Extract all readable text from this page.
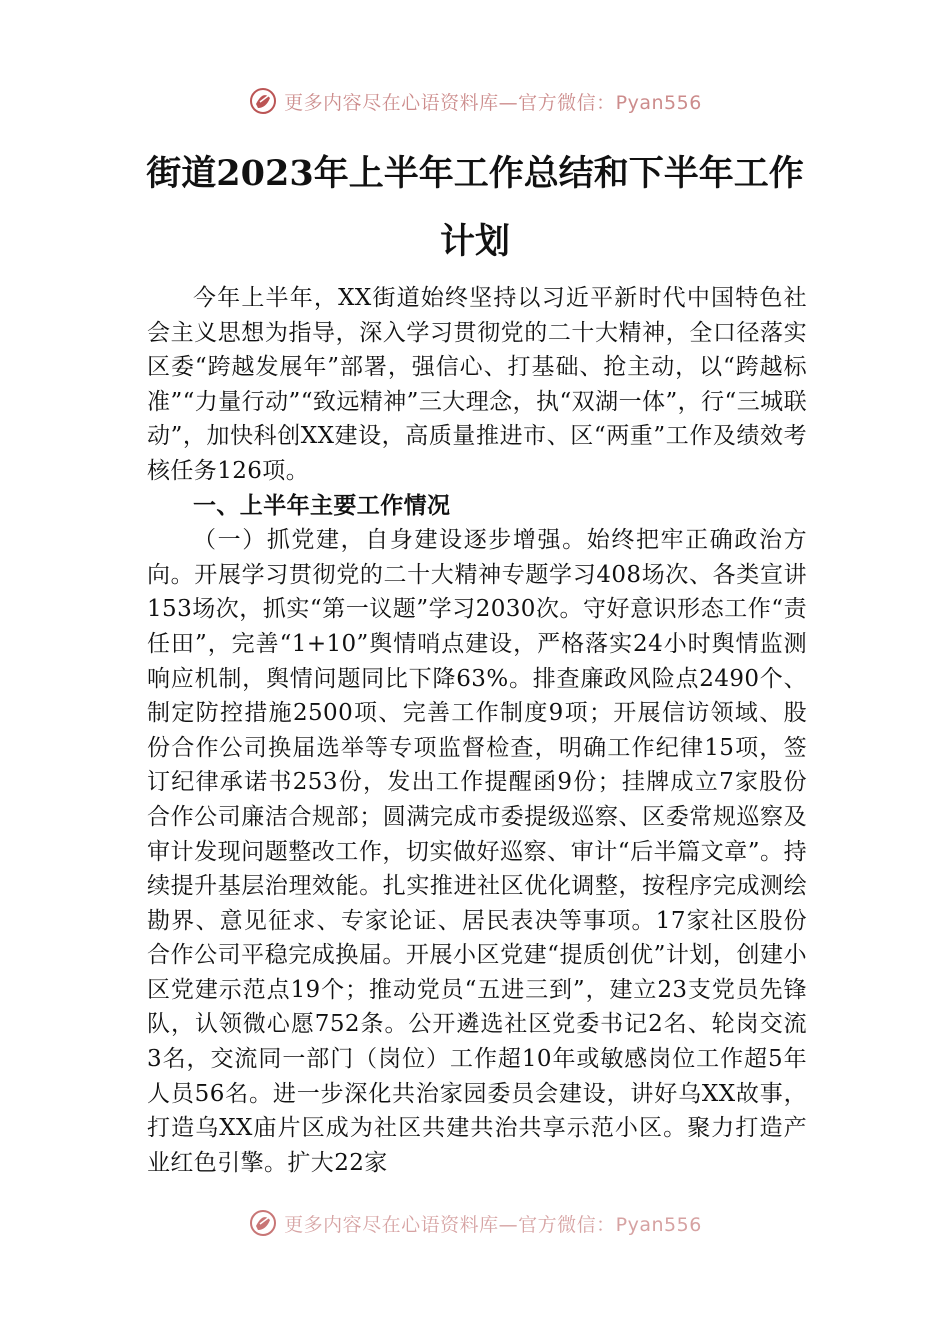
更多内容尽在心语资料库—官方微信：Pyan556
街道2023年上半年工作总结和下半年工作
计划

今年上半年，XX街道始终坚持以习近平新时代中国特色社会主义思想为指导，深入学习贯彻党的二十大精神，全口径落实区委“跨越发展年”部署，强信心、打基础、抢主动，以“跨越标准”“力量行动”“致远精神”三大理念，执“双湖一体”，行“三城联动”，加快科创XX建设，高质量推进市、区“两重”工作及绩效考核任务126项。

一、上半年主要工作情况

（一）抓党建，自身建设逐步增强。始终把牢正确政治方向。开展学习贯彻党的二十大精神专题学习408场次、各类宣讲153场次，抓实“第一议题”学习2030次。守好意识形态工作“责任田”，完善“1+10”舆情哨点建设，严格落实24小时舆情监测响应机制，舆情问题同比下降63%。排查廉政风险点2490个、制定防控措施2500项、完善工作制度9项；开展信访领域、股份合作公司换届选举等专项监督检查，明确工作纪律15项，签订纪律承诺书253份，发出工作提醒函9份；挂牌成立7家股份合作公司廉洁合规部；圆满完成市委提级巡察、区委常规巡察及审计发现问题整改工作，切实做好巡察、审计“后半篇文章”。持续提升基层治理效能。扎实推进社区优化调整，按程序完成测绘勘界、意见征求、专家论证、居民表决等事项。17家社区股份合作公司平稳完成换届。开展小区党建“提质创优”计划，创建小区党建示范点19个；推动党员“五进三到”，建立23支党员先锋队，认领微心愿752条。公开遴选社区党委书记2名、轮岗交流3名，交流同一部门（岗位）工作超10年或敏感岗位工作超5年人员56名。进一步深化共治家园委员会建设，讲好乌XX故事，打造乌XX庙片区成为社区共建共治共享示范小区。聚力打造产业红色引擎。扩大22家

更多内容尽在心语资料库—官方微信：Pyan556
